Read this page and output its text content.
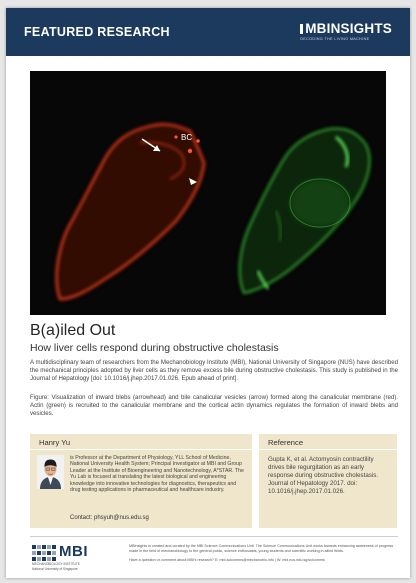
FEATURED RESEARCH	MBINSIGHTS
DECODING THE LIVING MACHINE
BC
B(a)iled Out
How liver cells respond during obstructive cholestasis
A multidisciplinary team of researchers from the Mechanobiology Institute (MBI), National University of Singapore (NUS) have described the mechanical principles adopted by liver cells as they remove excess bile during obstructive cholestasis. This study is published in the Journal of Hepatology [doi: 10.1016/j.jhep.2017.01.026. Epub ahead of print].
Figure: Visualization of inward blebs (arrowhead) and bile canalicular vesicles (arrow) formed along the canalicular membrane (red). Actin (green) is recruited to the canalicular membrane and the cortical actin dynamics regulates the formation of inward blebs and vesicles.
Hanry Yu
is Professor at the Department of Physiology, YLL School of Medicine, National University Health System; Principal Investigator at MBI and Group Leader at the Institute of Bioengineering and Nanotechnology, A*STAR. The Yu Lab is focused at translating the latest biological and engineering knowledge into innovative technologies for diagnostics, therapeutics and drug testing applications in pharmaceutical and healthcare industry.
Contact: phsyuh@nus.edu.sg
Reference
Gupta K, et al. Actomyosin contractility drives bile regurgitation as an early response during obstructive cholestasis. Journal of Hepatology 2017. doi: 10.1016/j.jhep.2017.01.026.
MBI
MECHANOBIOLOGY INSTITUTE
National University of Singapore
MBInsights is created and curated by the MBI Science Communications Unit. The Science Communications Unit works towards enhancing awareness of progress made in the field of mechanobiology to the general public, science enthusiasts, young students and scientific working in allied fields.
Have a question or comment about MBI's research? E: mbi-scicomms@mechanobio.info | W: mbi.nus.edu.sg/scicomms
